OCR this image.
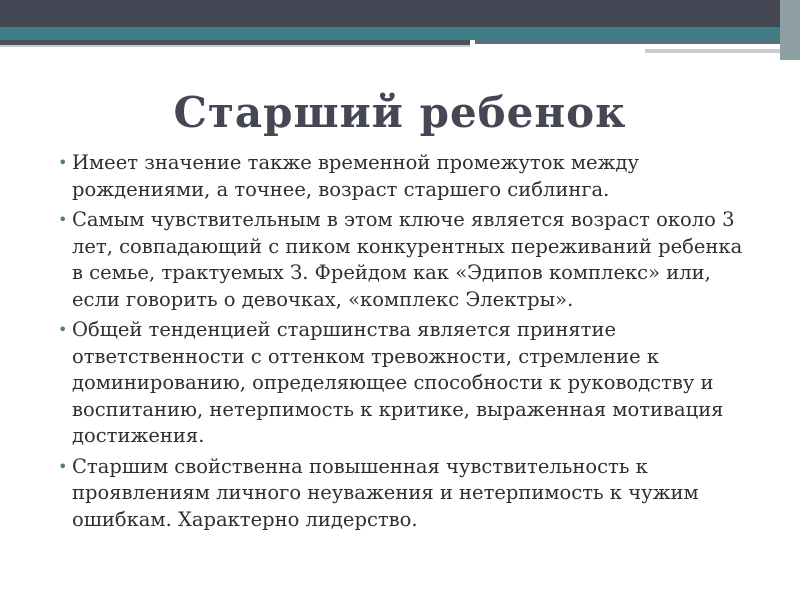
Старший ребенок
• Имеет значение также временной промежуток между рождениями, а точнее, возраст старшего сиблинга.
• Самым чувствительным в этом ключе является возраст около 3 лет, совпадающий с пиком конкурентных переживаний ребенка в семье, трактуемых З. Фрейдом как «Эдипов комплекс» или, если говорить о девочках, «комплекс Электры».
• Общей тенденцией старшинства является принятие ответственности с оттенком тревожности, стремление к доминированию, определяющее способности к руководству и воспитанию, нетерпимость к критике, выраженная мотивация достижения.
• Старшим свойственна повышенная чувствительность к проявлениям личного неуважения и нетерпимость к чужим ошибкам. Характерно лидерство.
